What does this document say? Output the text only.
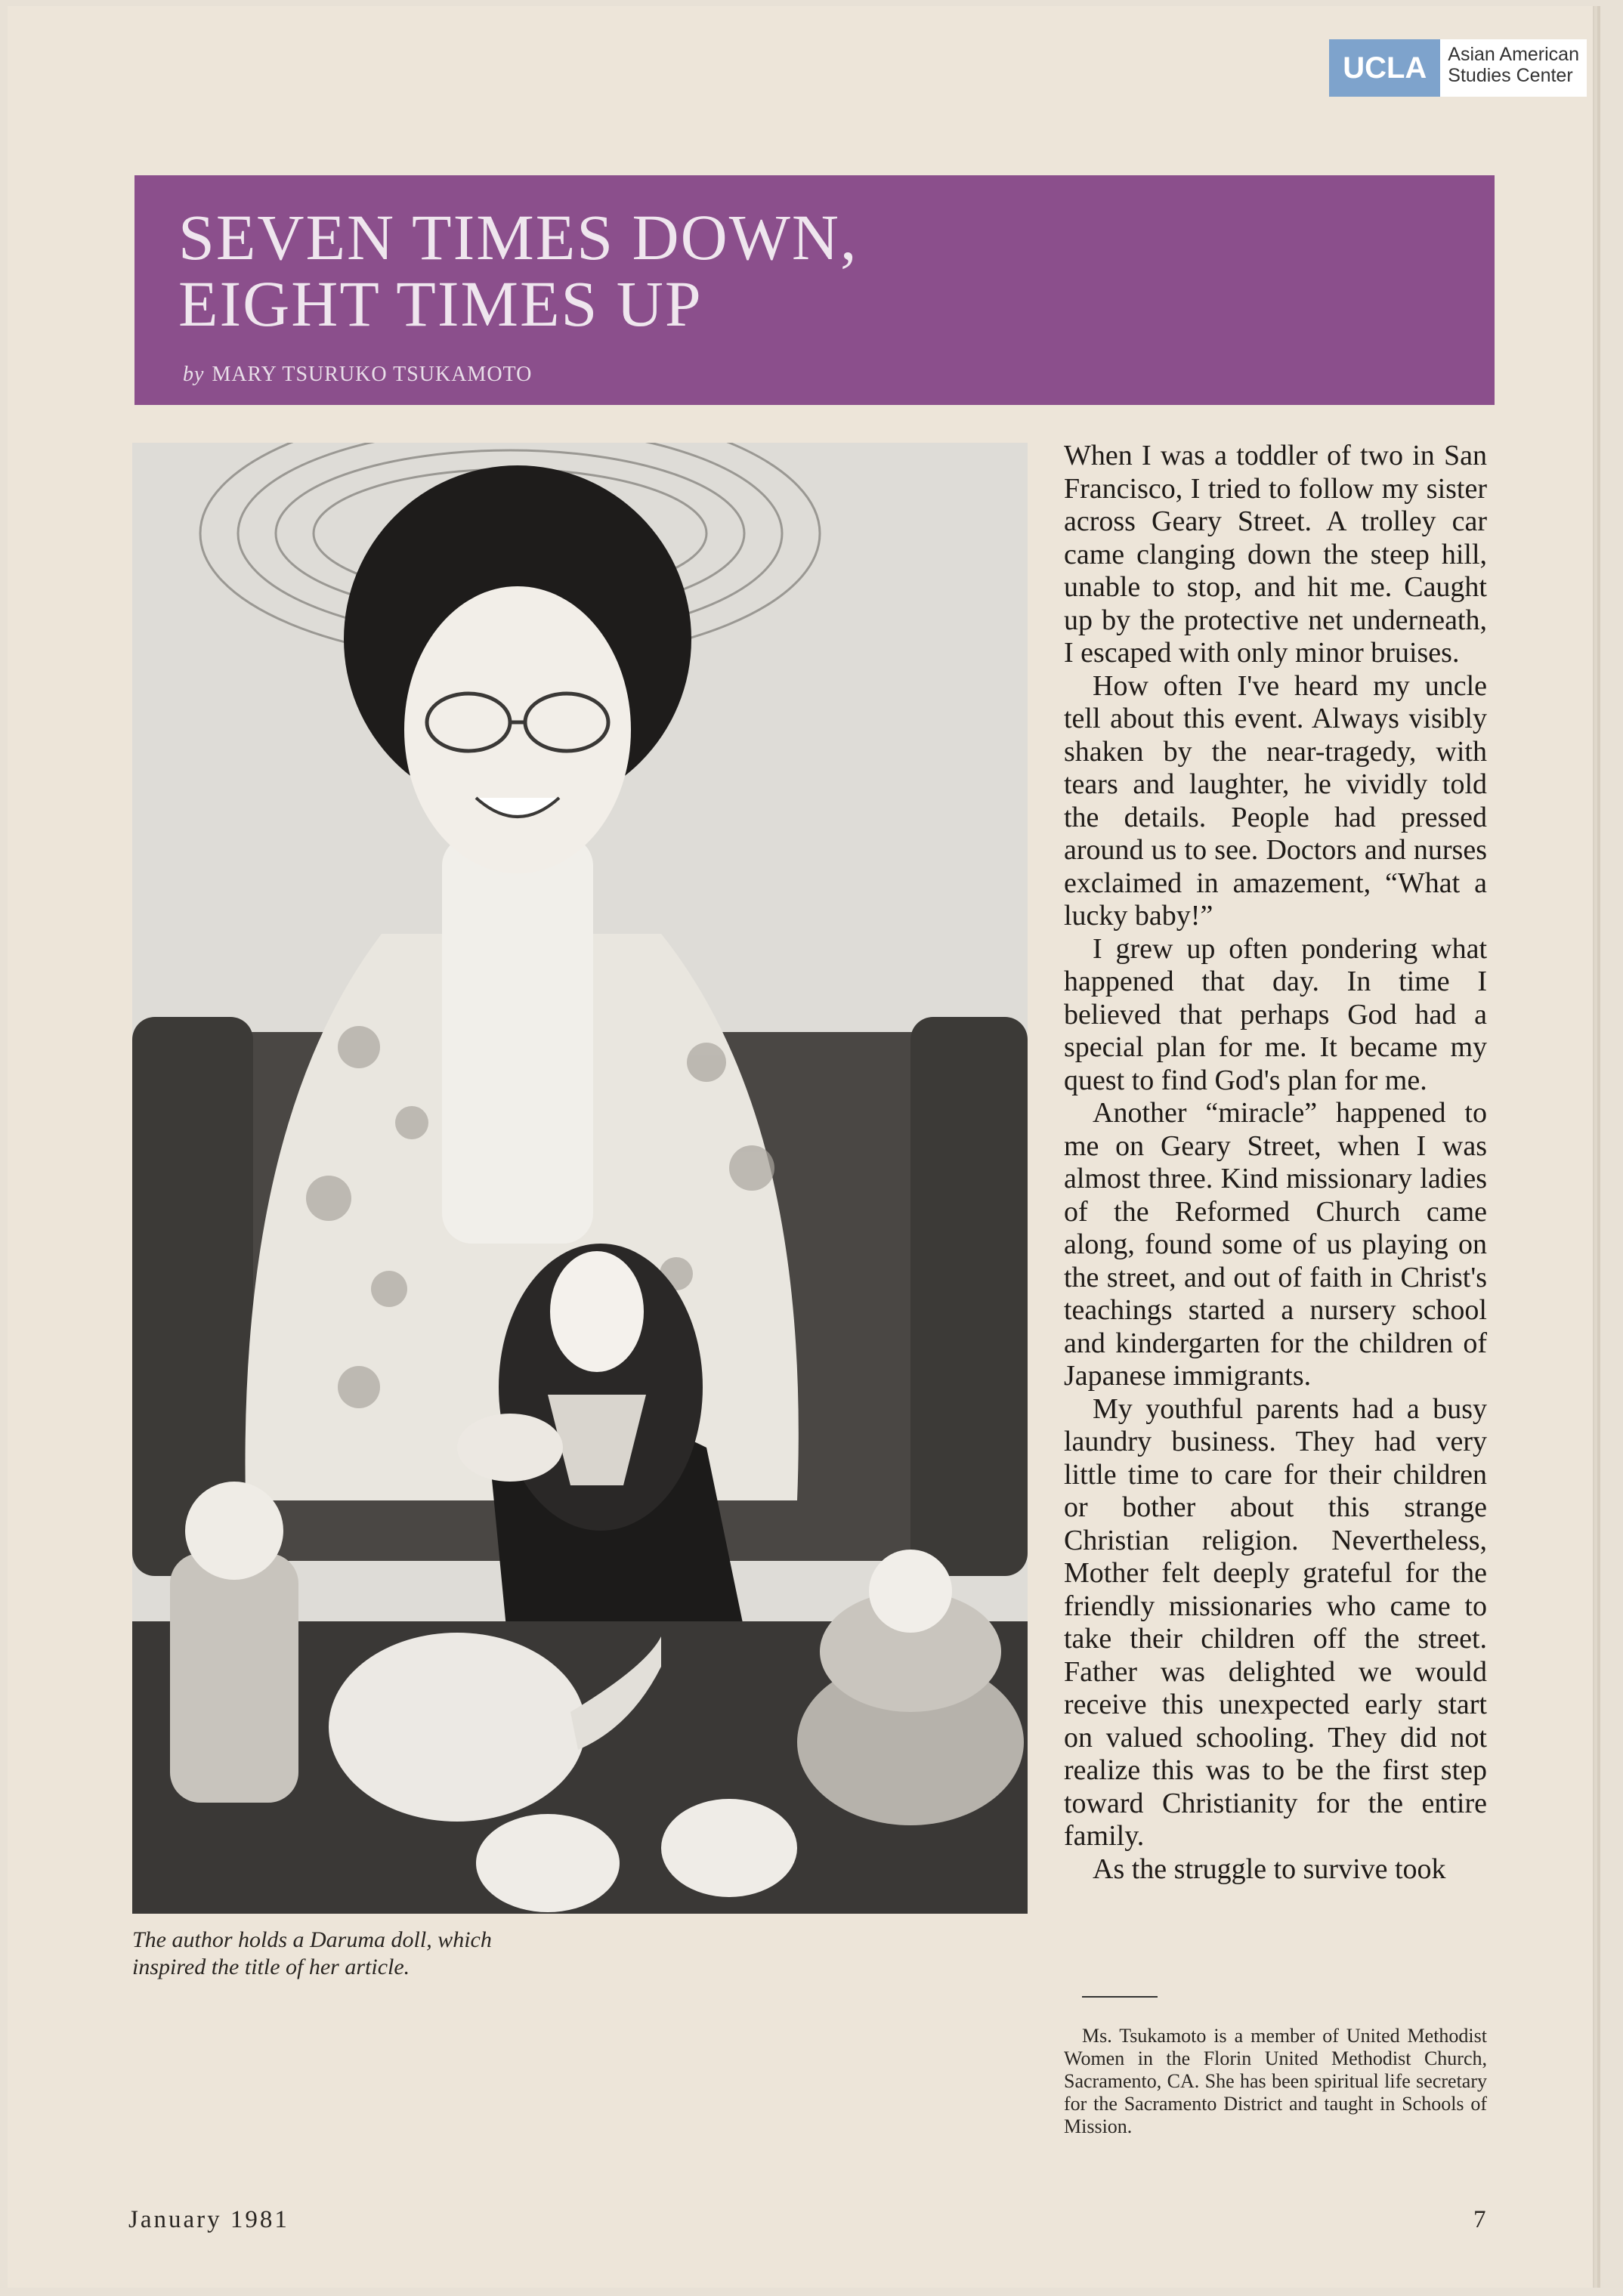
UCLA	Asian American
Studies Center
SEVEN TIMES DOWN,
EIGHT TIMES UP
by MARY TSURUKO TSUKAMOTO
The author holds a Daruma doll, which inspired the title of her article.

When I was a toddler of two in San Francisco, I tried to follow my sister across Geary Street. A trolley car came clanging down the steep hill, unable to stop, and hit me. Caught up by the protective net underneath, I escaped with only minor bruises.

How often I've heard my uncle tell about this event. Always visibly shaken by the near-tragedy, with tears and laughter, he vividly told the details. People had pressed around us to see. Doctors and nurses exclaimed in amazement, “What a lucky baby!”

I grew up often pondering what happened that day. In time I believed that perhaps God had a special plan for me. It became my quest to find God's plan for me.

Another “miracle” happened to me on Geary Street, when I was almost three. Kind missionary ladies of the Reformed Church came along, found some of us playing on the street, and out of faith in Christ's teachings started a nursery school and kindergarten for the children of Japanese immigrants.

My youthful parents had a busy laundry business. They had very little time to care for their children or bother about this strange Christian religion. Nevertheless, Mother felt deeply grateful for the friendly missionaries who came to take their children off the street. Father was delighted we would receive this unexpected early start on valued schooling. They did not realize this was to be the first step toward Christianity for the entire family.

As the struggle to survive took

Ms. Tsukamoto is a member of United Methodist Women in the Florin United Methodist Church, Sacramento, CA. She has been spiritual life secretary for the Sacramento District and taught in Schools of Mission.
January 1981	7
